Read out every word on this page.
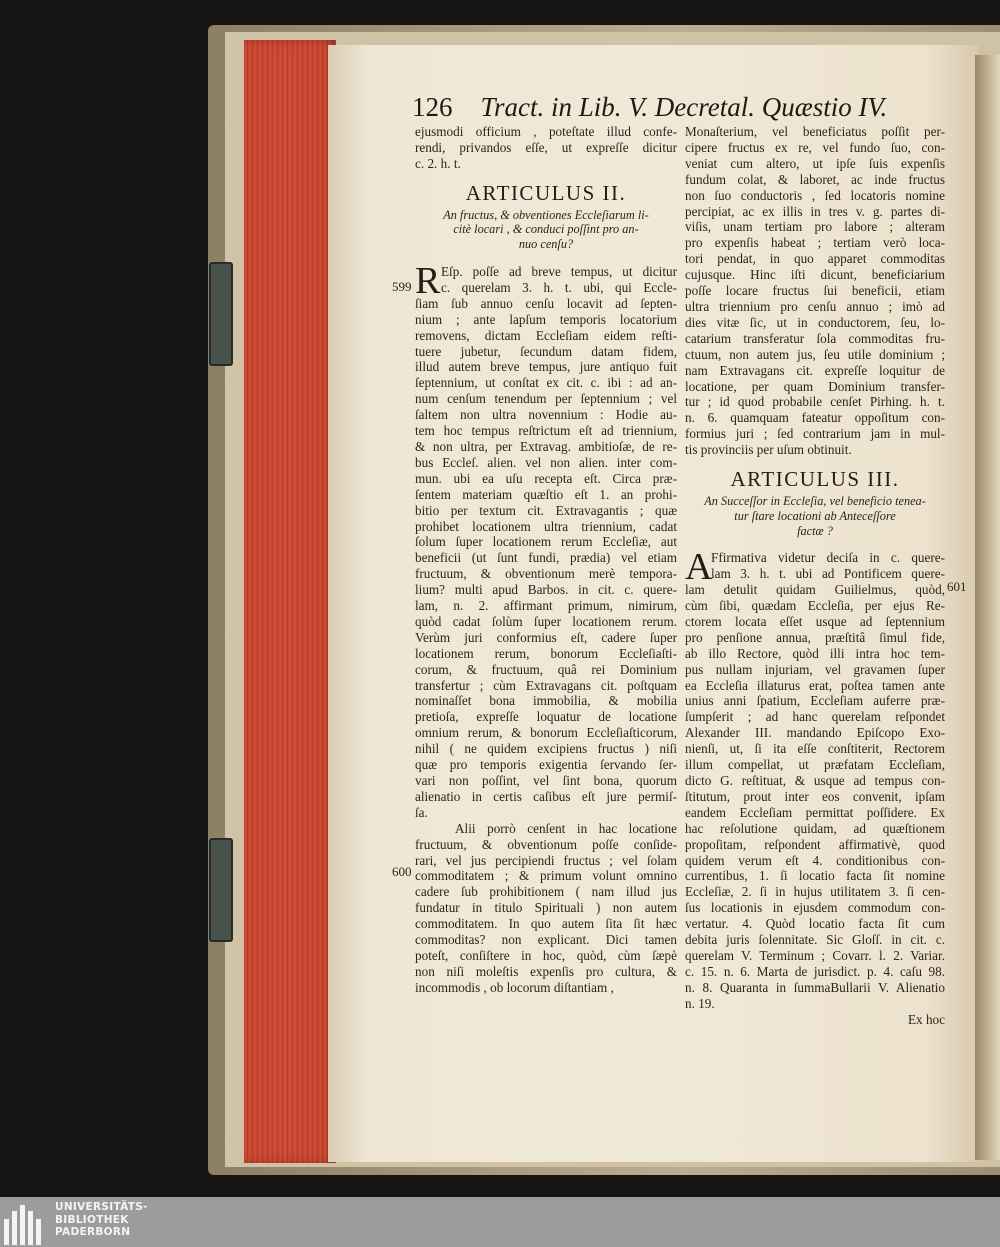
126 Tract. in Lib. V. Decretal. Quæstio IV.
599
600
601
ejusmodi officium , poteſtate illud confe-
rendi, privandos eſſe, ut expreſſe dicitur
c. 2. h. t.
ARTICULUS II.
An fructus, & obventiones Eccleſiarum li-
citè locari , & conduci poſſint pro an-
nuo cenſu?
R Eſp. poſſe ad breve tempus, ut dicitur
c. querelam 3. h. t. ubi, qui Eccle-
ſiam ſub annuo cenſu locavit ad ſepten-
nium ; ante lapſum temporis locatorium
removens, dictam Eccleſiam eidem reſti-
tuere jubetur, ſecundum datam fidem,
illud autem breve tempus, jure antiquo fuit
ſeptennium, ut conſtat ex cit. c. ibi : ad an-
num cenſum tenendum per ſeptennium ; vel
ſaltem non ultra novennium : Hodie au-
tem hoc tempus reſtrictum eſt ad triennium,
& non ultra, per Extravag. ambitioſæ, de re-
bus Eccleſ. alien. vel non alien. inter com-
mun. ubi ea uſu recepta eſt. Circa præ-
ſentem materiam quæſtio eſt 1. an prohi-
bitio per textum cit. Extravagantis ; quæ
prohibet locationem ultra triennium, cadat
ſolum ſuper locationem rerum Eccleſiæ, aut
beneficii (ut ſunt fundi, prædia) vel etiam
fructuum, & obventionum merè tempora-
lium? multi apud Barbos. in cit. c. quere-
lam, n. 2. affirmant primum, nimirum,
quòd cadat ſolùm ſuper locationem rerum.
Verùm juri conformius eſt, cadere ſuper
locationem rerum, bonorum Eccleſiaſti-
corum, & fructuum, quâ rei Dominium
transfertur ; cùm Extravagans cit. poſtquam
nominaſſet bona immobilia, & mobilia
pretioſa, expreſſe loquatur de locatione
omnium rerum, & bonorum Eccleſiaſticorum,
nihil ( ne quidem excipiens fructus ) niſi
quæ pro temporis exigentia ſervando ſer-
vari non poſſint, vel ſint bona, quorum
alienatio in certis caſibus eſt jure permiſ-
ſa.
Alii porrò cenſent in hac locatione
fructuum, & obventionum poſſe conſide-
rari, vel jus percipiendi fructus ; vel ſolam
commoditatem ; & primum volunt omnino
cadere ſub prohibitionem ( nam illud jus
fundatur in titulo Spirituali ) non autem
commoditatem. In quo autem ſita ſit hæc
commoditas? non explicant. Dici tamen
poteſt, conſiſtere in hoc, quòd, cùm ſæpè
non niſi moleſtis expenſis pro cultura, &
incommodis , ob locorum diſtantiam ,
Monaſterium, vel beneficiatus poſſit per-
cipere fructus ex re, vel fundo ſuo, con-
veniat cum altero, ut ipſe ſuis expenſis
fundum colat, & laboret, ac inde fructus
non ſuo conductoris , ſed locatoris nomine
percipiat, ac ex illis in tres v. g. partes di-
viſis, unam tertiam pro labore ; alteram
pro expenſis habeat ; tertiam verò loca-
tori pendat, in quo apparet commoditas
cujusque. Hinc iſti dicunt, beneficiarium
poſſe locare fructus ſui beneficii, etiam
ultra triennium pro cenſu annuo ; imò ad
dies vitæ ſic, ut in conductorem, ſeu, lo-
catarium transferatur ſola commoditas fru-
ctuum, non autem jus, ſeu utile dominium ;
nam Extravagans cit. expreſſe loquitur de
locatione, per quam Dominium transfer-
tur ; id quod probabile cenſet Pirhing. h. t.
n. 6. quamquam fateatur oppoſitum con-
formius juri ; ſed contrarium jam in mul-
tis provinciis per uſum obtinuit.
ARTICULUS III.
An Succeſſor in Eccleſia, vel beneficio tenea-
tur ſtare locationi ab Anteceſſore
factæ ?
A
Ffirmativa videtur deciſa in c. quere-
lam 3. h. t. ubi ad Pontificem quere-
lam detulit quidam Guilielmus, quòd,
cùm ſibi, quædam Eccleſia, per ejus Re-
ctorem locata eſſet usque ad ſeptennium
pro penſione annua, præſtitâ ſimul fide,
ab illo Rectore, quòd illi intra hoc tem-
pus nullam injuriam, vel gravamen ſuper
ea Eccleſia illaturus erat, poſtea tamen ante
unius anni ſpatium, Eccleſiam auferre præ-
ſumpſerit ; ad hanc querelam reſpondet
Alexander III. mandando Epiſcopo Exo-
nienſi, ut, ſi ita eſſe conſtiterit, Rectorem
illum compellat, ut præfatam Eccleſiam,
dicto G. reſtituat, & usque ad tempus con-
ſtitutum, prout inter eos convenit, ipſam
eandem Eccleſiam permittat poſſidere. Ex
hac reſolutione quidam, ad quæſtionem
propoſitam, reſpondent affirmativè, quod
quidem verum eſt 4. conditionibus con-
currentibus, 1. ſi locatio facta ſit nomine
Eccleſiæ, 2. ſi in hujus utilitatem 3. ſi cen-
ſus locationis in ejusdem commodum con-
vertatur. 4. Quòd locatio facta ſit cum
debita juris ſolennitate. Sic Gloſſ. in cit. c.
querelam V. Terminum ; Covarr. l. 2. Variar.
c. 15. n. 6. Marta de jurisdict. p. 4. caſu 98.
n. 8. Quaranta in ſummaBullarii V. Alienatio
n. 19.
Ex hoc
UNIVERSITÄTS-
BIBLIOTHEK
PADERBORN
